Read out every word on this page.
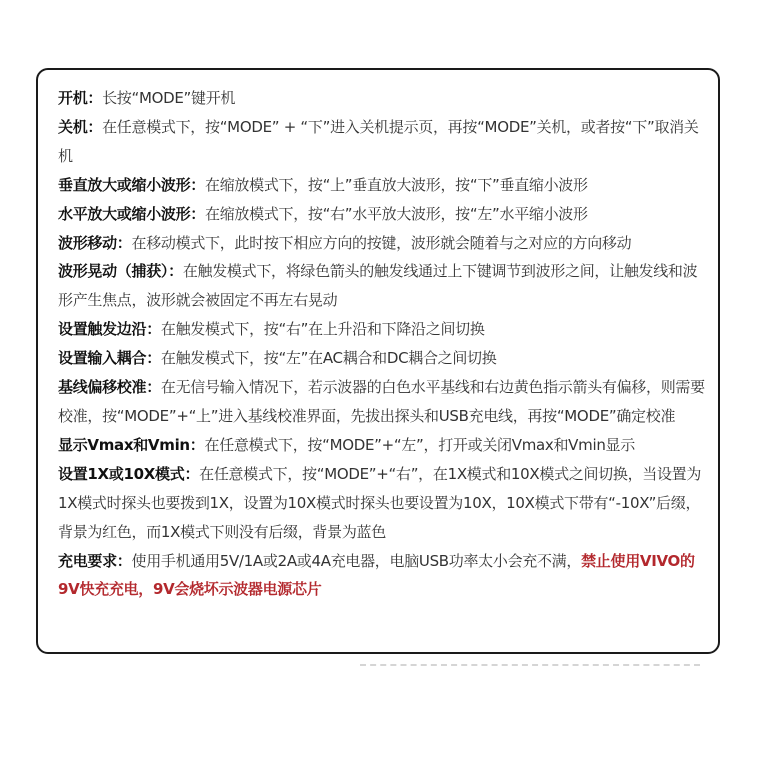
开机：长按“MODE”键开机

关机：在任意模式下，按“MODE” + “下”进入关机提示页，再按“MODE”关机，或者按“下”取消关机

垂直放大或缩小波形：在缩放模式下，按“上”垂直放大波形，按“下”垂直缩小波形

水平放大或缩小波形：在缩放模式下，按“右”水平放大波形，按“左”水平缩小波形

波形移动：在移动模式下，此时按下相应方向的按键，波形就会随着与之对应的方向移动

波形晃动（捕获）：在触发模式下，将绿色箭头的触发线通过上下键调节到波形之间，让触发线和波形产生焦点，波形就会被固定不再左右晃动

设置触发边沿：在触发模式下，按“右”在上升沿和下降沿之间切换

设置输入耦合：在触发模式下，按“左”在AC耦合和DC耦合之间切换

基线偏移校准：在无信号输入情况下，若示波器的白色水平基线和右边黄色指示箭头有偏移，则需要校准，按“MODE”+“上”进入基线校准界面，先拔出探头和USB充电线，再按“MODE”确定校准

显示Vmax和Vmin：在任意模式下，按“MODE”+“左”，打开或关闭Vmax和Vmin显示

设置1X或10X模式：在任意模式下，按“MODE”+“右”，在1X模式和10X模式之间切换，当设置为1X模式时探头也要拨到1X，设置为10X模式时探头也要设置为10X，10X模式下带有“-10X”后缀，背景为红色，而1X模式下则没有后缀，背景为蓝色

充电要求：使用手机通用5V/1A或2A或4A充电器，电脑USB功率太小会充不满，禁止使用VIVO的9V快充充电，9V会烧坏示波器电源芯片
